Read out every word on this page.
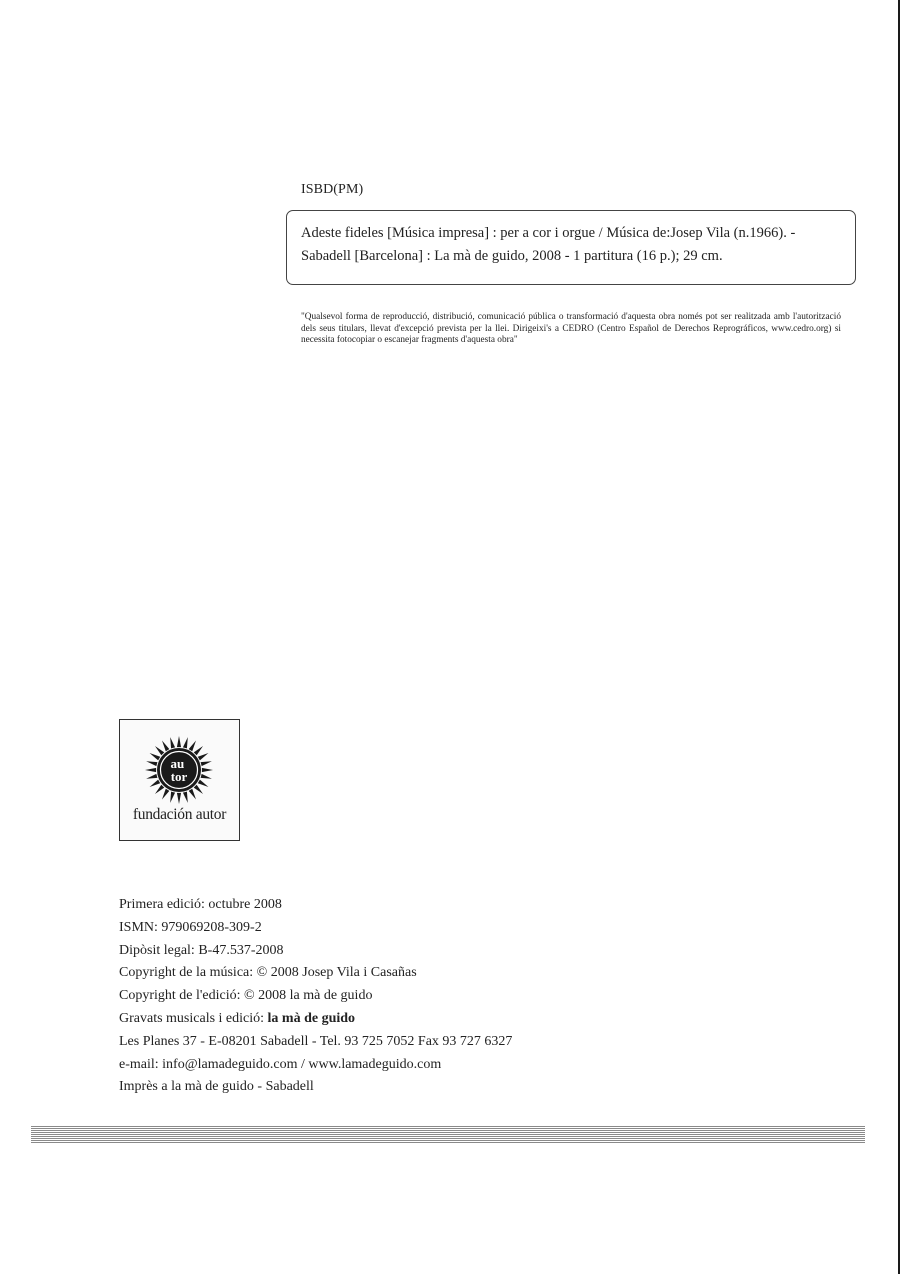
ISBD(PM)
Adeste fideles [Música impresa] : per a cor i orgue / Música de:Josep Vila (n.1966). -
Sabadell [Barcelona] : La mà de guido, 2008 - 1 partitura (16 p.); 29 cm.
"Qualsevol forma de reproducció, distribució, comunicació pública o transformació d'aquesta obra només pot ser realitzada amb l'autorització dels seus titulars, llevat d'excepció prevista per la llei. Dirigeixi's a CEDRO (Centro Español de Derechos Reprográficos, www.cedro.org) si necessita fotocopiar o escanejar fragments d'aquesta obra"
au tor
fundación autor
Primera edició: octubre 2008
ISMN: 979069208-309-2
Dipòsit legal: B-47.537-2008
Copyright de la música: © 2008 Josep Vila i Casañas
Copyright de l'edició: © 2008 la mà de guido
Gravats musicals i edició: la mà de guido
Les Planes 37 - E-08201 Sabadell - Tel. 93 725 7052 Fax 93 727 6327
e-mail: info@lamadeguido.com / www.lamadeguido.com
Imprès a la mà de guido - Sabadell
